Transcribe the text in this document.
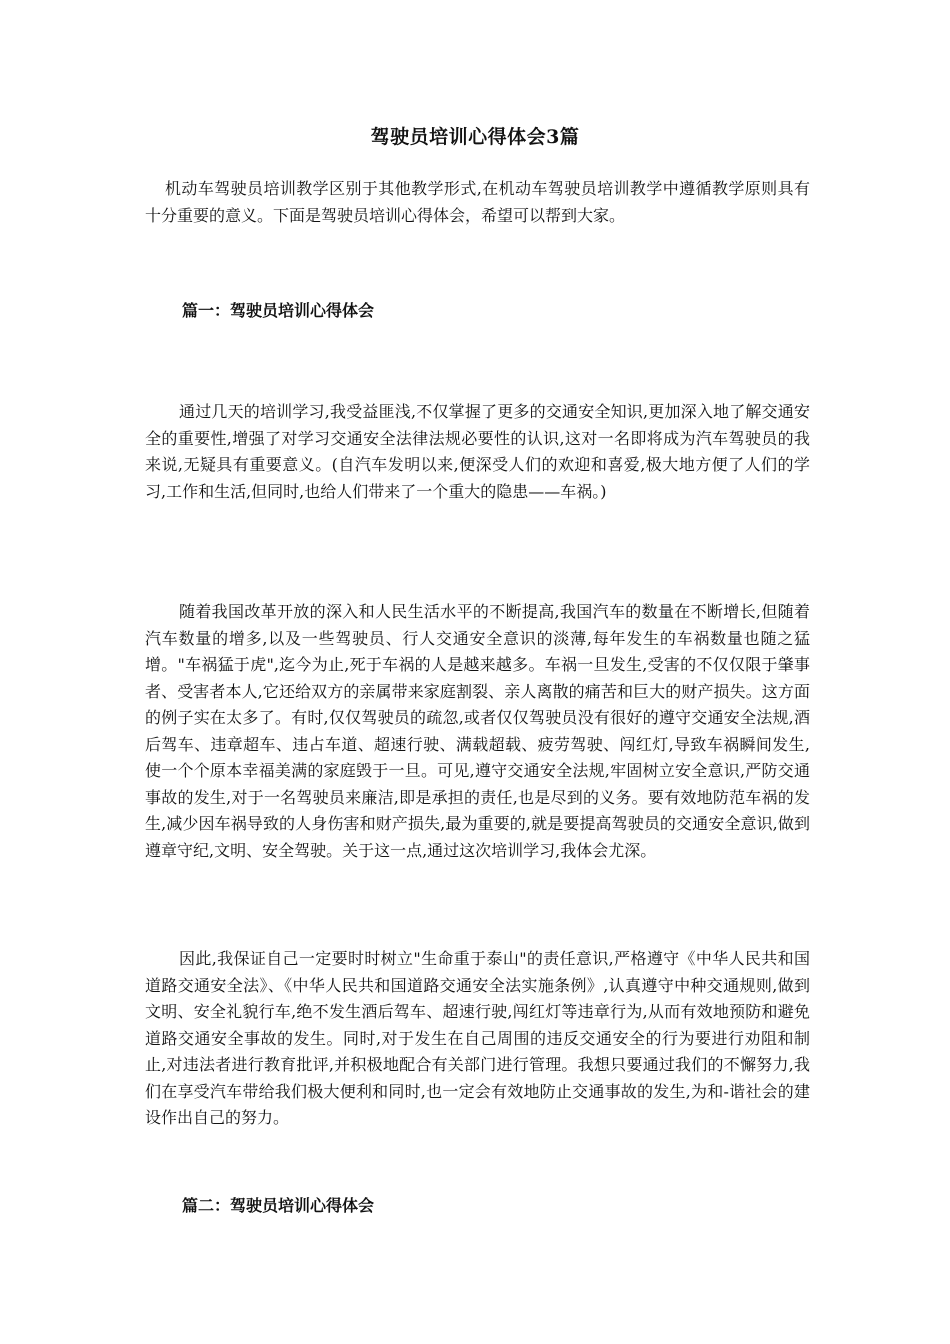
驾驶员培训心得体会3篇

机动车驾驶员培训教学区别于其他教学形式,在机动车驾驶员培训教学中遵循教学原则具有十分重要的意义。下面是驾驶员培训心得体会，希望可以帮到大家。

篇一：驾驶员培训心得体会

通过几天的培训学习,我受益匪浅,不仅掌握了更多的交通安全知识,更加深入地了解交通安全的重要性,增强了对学习交通安全法律法规必要性的认识,这对一名即将成为汽车驾驶员的我来说,无疑具有重要意义。(自汽车发明以来,便深受人们的欢迎和喜爱,极大地方便了人们的学习,工作和生活,但同时,也给人们带来了一个重大的隐患——车祸。)

随着我国改革开放的深入和人民生活水平的不断提高,我国汽车的数量在不断增长,但随着汽车数量的增多,以及一些驾驶员、行人交通安全意识的淡薄,每年发生的车祸数量也随之猛增。"车祸猛于虎",迄今为止,死于车祸的人是越来越多。车祸一旦发生,受害的不仅仅限于肇事者、受害者本人,它还给双方的亲属带来家庭割裂、亲人离散的痛苦和巨大的财产损失。这方面的例子实在太多了。有时,仅仅驾驶员的疏忽,或者仅仅驾驶员没有很好的遵守交通安全法规,酒后驾车、违章超车、违占车道、超速行驶、满载超载、疲劳驾驶、闯红灯,导致车祸瞬间发生,使一个个原本幸福美满的家庭毁于一旦。可见,遵守交通安全法规,牢固树立安全意识,严防交通事故的发生,对于一名驾驶员来廉洁,即是承担的责任,也是尽到的义务。要有效地防范车祸的发生,减少因车祸导致的人身伤害和财产损失,最为重要的,就是要提高驾驶员的交通安全意识,做到遵章守纪,文明、安全驾驶。关于这一点,通过这次培训学习,我体会尤深。

因此,我保证自己一定要时时树立"生命重于泰山"的责任意识,严格遵守《中华人民共和国道路交通安全法》、《中华人民共和国道路交通安全法实施条例》,认真遵守中种交通规则,做到文明、安全礼貌行车,绝不发生酒后驾车、超速行驶,闯红灯等违章行为,从而有效地预防和避免道路交通安全事故的发生。同时,对于发生在自己周围的违反交通安全的行为要进行劝阻和制止,对违法者进行教育批评,并积极地配合有关部门进行管理。我想只要通过我们的不懈努力,我们在享受汽车带给我们极大便利和同时,也一定会有效地防止交通事故的发生,为和-谐社会的建设作出自己的努力。

篇二：驾驶员培训心得体会
